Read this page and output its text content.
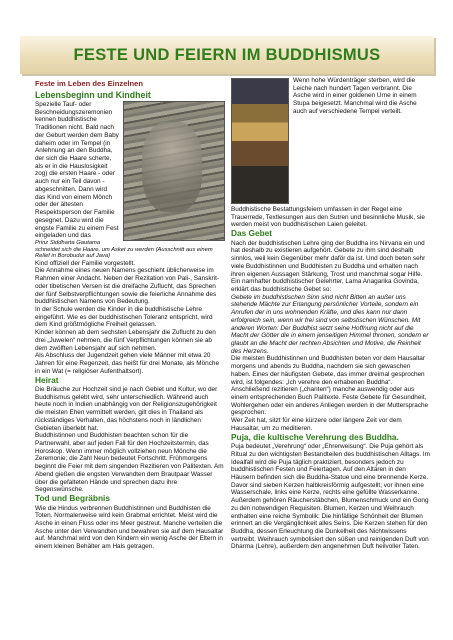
FESTE UND FEIERN IM BUDDHISMUS
Feste im Leben des Einzelnen
Lebensbeginn und Kindheit

Spezielle Tauf- oder Beschneidungszeremonien kennen buddhistische Traditionen nicht. Bald nach der Geburt werden dem Baby daheim oder im Tempel (in Anlehnung an den Buddha, der sich die Haare scherte, als er in die Hauslosigkeit zog) die ersten Haare - oder auch nur ein Teil davon - abgeschnitten. Dann wird das Kind von einem Mönch oder der ältesten Respektsperson der Familie gesegnet. Dazu wird die engste Familie zu einem Fest eingeladen und das

Prinz Siddharta Gautama schneidet sich die Haare, um Asket zu werden (Ausschnitt aus einem Relief in Borobudur auf Java)

Kind offiziell der Familie vorgestellt.

Die Annahme eines neuen Namens geschieht üblicherweise im Rahmen einer Andacht. Neben der Rezitation von Pali-, Sanskrit- oder tibetischen Versen ist die dreifache Zuflucht, das Sprechen der fünf Selbstverpflichtungen sowie die feierliche Annahme des buddhistischen Namens von Bedeutung.

In der Schule werden die Kinder in die buddhistische Lehre eingeführt. Wie es der buddhistischen Toleranz entspricht, wird dem Kind größtmögliche Freiheit gelassen.

Kinder können ab dem sechsten Lebensjahr die Zuflucht zu den drei „Juwelen“ nehmen, die fünf Verpflichtungen können sie ab dem zwölften Lebensjahr auf sich nehmen.

Als Abschluss der Jugendzeit gehen viele Männer mit etwa 20 Jahren für eine Regenzeit, das heißt für drei Monate, als Mönche in ein Wat (= religiöser Aufenthaltsort).

Heirat

Die Bräuche zur Hochzeit sind je nach Gebiet und Kultur, wo der Buddhismus gelebt wird, sehr unterschiedlich. Während auch heute noch in Indien unabhängig von der Religionszugehörigkeit die meisten Ehen vermittelt werden, gilt dies in Thailand als rückständiges Verhalten, das höchstens noch in ländlichen Gebieten überlebt hat.

Buddhistinnen und Buddhisten beachten schon für die Partnerwahl, aber auf jeden Fall für den Hochzeitstermin, das Horoskop. Wenn immer möglich vollziehen neun Mönche die Zeremonie; die Zahl Neun bedeutet Fortschritt. Frühmorgens beginnt die Feier mit dem singenden Rezitieren von Palitexten. Am Abend gießen die engsten Verwandten dem Brautpaar Wasser über die gefalteten Hände und sprechen dazu ihre Segenswünsche.

Tod und Begräbnis

Wie die Hindus verbrennen Buddhistinnen und Buddhisten die Toten. Normalerweise wird kein Grabmal errichtet. Meist wird die Asche in einen Fluss oder ins Meer gestreut. Manche verteilen die Asche unter den Verwandten und bewahren sie auf dem Hausaltar auf. Manchmal wird von den Kindern ein wenig Asche der Eltern in einem kleinen Behälter am Hals getragen.

Wenn hohe Würdenträger sterben, wird die Leiche nach hundert Tagen verbrannt. Die Asche wird in einer goldenen Urne in einem Stupa beigesetzt. Manchmal wird die Asche auch auf verschiedene Tempel verteilt.

Buddhistische Bestattungsfeiern umfassen in der Regel eine Trauerrede, Textlesungen aus den Sutren und besinnliche Musik, sie werden meist von buddhistischen Laien geleitet.

Das Gebet

Nach der buddhistischen Lehre ging der Buddha ins Nirvana ein und hat deshalb zu existieren aufgehört. Gebete zu ihm sind deshalb sinnlos, weil kein Gegenüber mehr daför da ist. Und doch beten sehr viele Buddhistinnen und Buddhisten zu Buddha und erhalten nach ihren eigenen Aussagen Stärkung, Trost und manchmal sogar Hilfe. Ein namhafter buddhistischer Gelehrter, Lama Anagarika Govinda, erklärt das buddhistische Gebet so:

Gebete im buddhistischen Sinn sind nicht Bitten an außer uns stehende Mächte zur Erlangung persönlicher Vorteile, sondern ein Anrufen der in uns wohnenden Kräfte, und dies kann nur dann erfolgreich sein, wenn wir frei sind von selbstischen Wünschen. Mit anderen Worten: Der Buddhist setzt seine Hoffnung nicht auf die Macht der Götter die in einem jenseitigen Himmel thronen, sondern er glaubt an die Macht der rechten Absichten und Motive, die Reinheit des Herzens.

Die meisten Buddhistinnen und Buddhisten beten vor dem Hausaltar morgens und abends zu Buddha, nachdem sie sich gewaschen haben. Eines der häufigsten Gebete, das immer dreimal gesprochen wird, ist folgendes: „Ich verehre den erhabenen Buddha“.

Anschließend rezitieren („chanten“) manche auswendig oder aus einem entsprechenden Buch Palitexte. Feste Gebete für Gesundheit, Wohlergehen oder ein anderes Anliegen werden in der Muttersprache gesprochen.

Wer Zeit hat, sitzt für eine kürzere oder längere Zeit vor dem Hausaltar, um zu meditieren.

Puja, die kultische Verehrung des Buddha.

Puja bedeutet „Verehrung“ oder „Ehrerweisung“. Die Puja gehört als Ritual zu den wichtigsten Bestandteilen des buddhistischen Alltags. Im Idealfall wird die Puja täglich praktiziert, besonders jedoch zu buddhistischen Festen und Feiertagen. Auf den Altären in den Häusern befinden sich die Buddha-Statue und eine brennende Kerze. Davor sind sieben Kerzen halbkreisförmig aufgestellt; vor ihnen eine Wasserschale, links eine Kerze, rechts eine gefüllte Wasserkanne. Außerdem gehören Räucherstäbchen, Blumenschmuck und ein Gong zu den notwendigen Requisiten. Blumen, Kerzen und Weihrauch enthalten eine reiche Symbolik: Die hinfällige Schönheit der Blumen erinnert an die Vergänglichkeit alles Seins. Die Kerzen stehen für den Buddha, dessen Erleuchtung die Dunkelheit des Nichtwissens vertreibt. Weihrauch symbolisiert den süßen und reinigenden Duft von Dharma (Lehre), außerdem den angenehmen Duft heilvoller Taten.
